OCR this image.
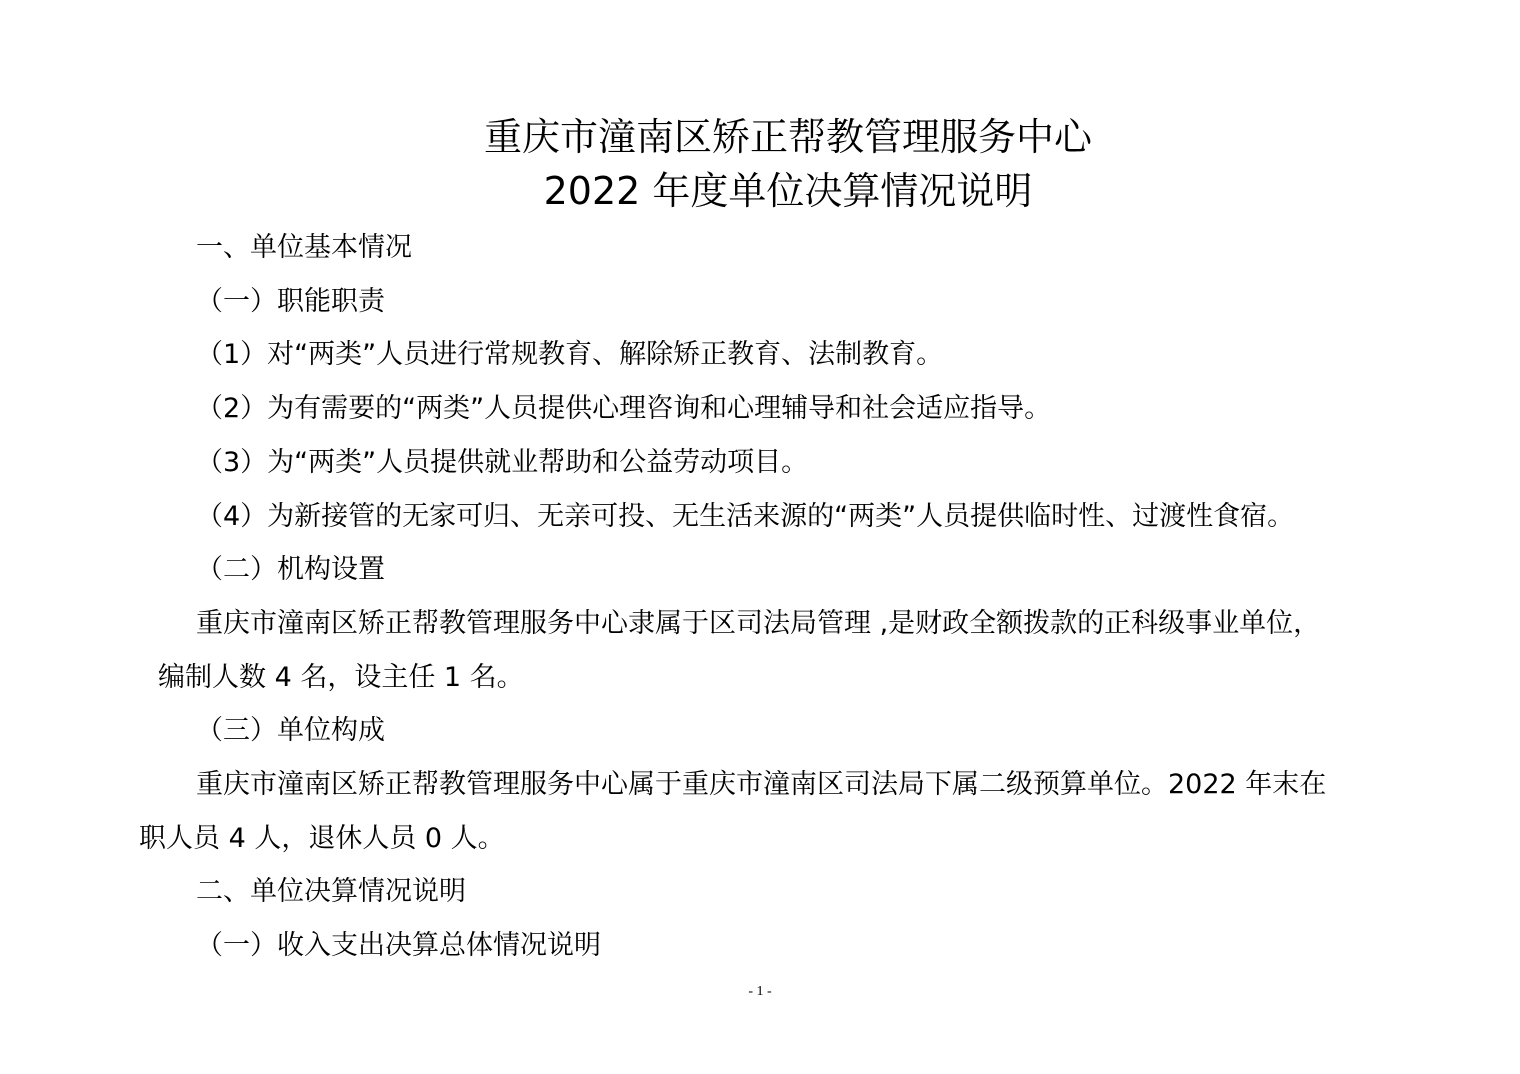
重庆市潼南区矫正帮教管理服务中心
2022 年度单位决算情况说明

一、单位基本情况

（一）职能职责

（1）对“两类”人员进行常规教育、解除矫正教育、法制教育。

（2）为有需要的“两类”人员提供心理咨询和心理辅导和社会适应指导。

（3）为“两类”人员提供就业帮助和公益劳动项目。

（4）为新接管的无家可归、无亲可投、无生活来源的“两类”人员提供临时性、过渡性食宿。

（二）机构设置

重庆市潼南区矫正帮教管理服务中心隶属于区司法局管理 ,是财政全额拨款的正科级事业单位，

编制人数 4 名，设主任 1 名。

（三）单位构成

重庆市潼南区矫正帮教管理服务中心属于重庆市潼南区司法局下属二级预算单位。2022 年末在

职人员 4 人，退休人员 0 人。

二、单位决算情况说明

（一）收入支出决算总体情况说明

- 1 -
